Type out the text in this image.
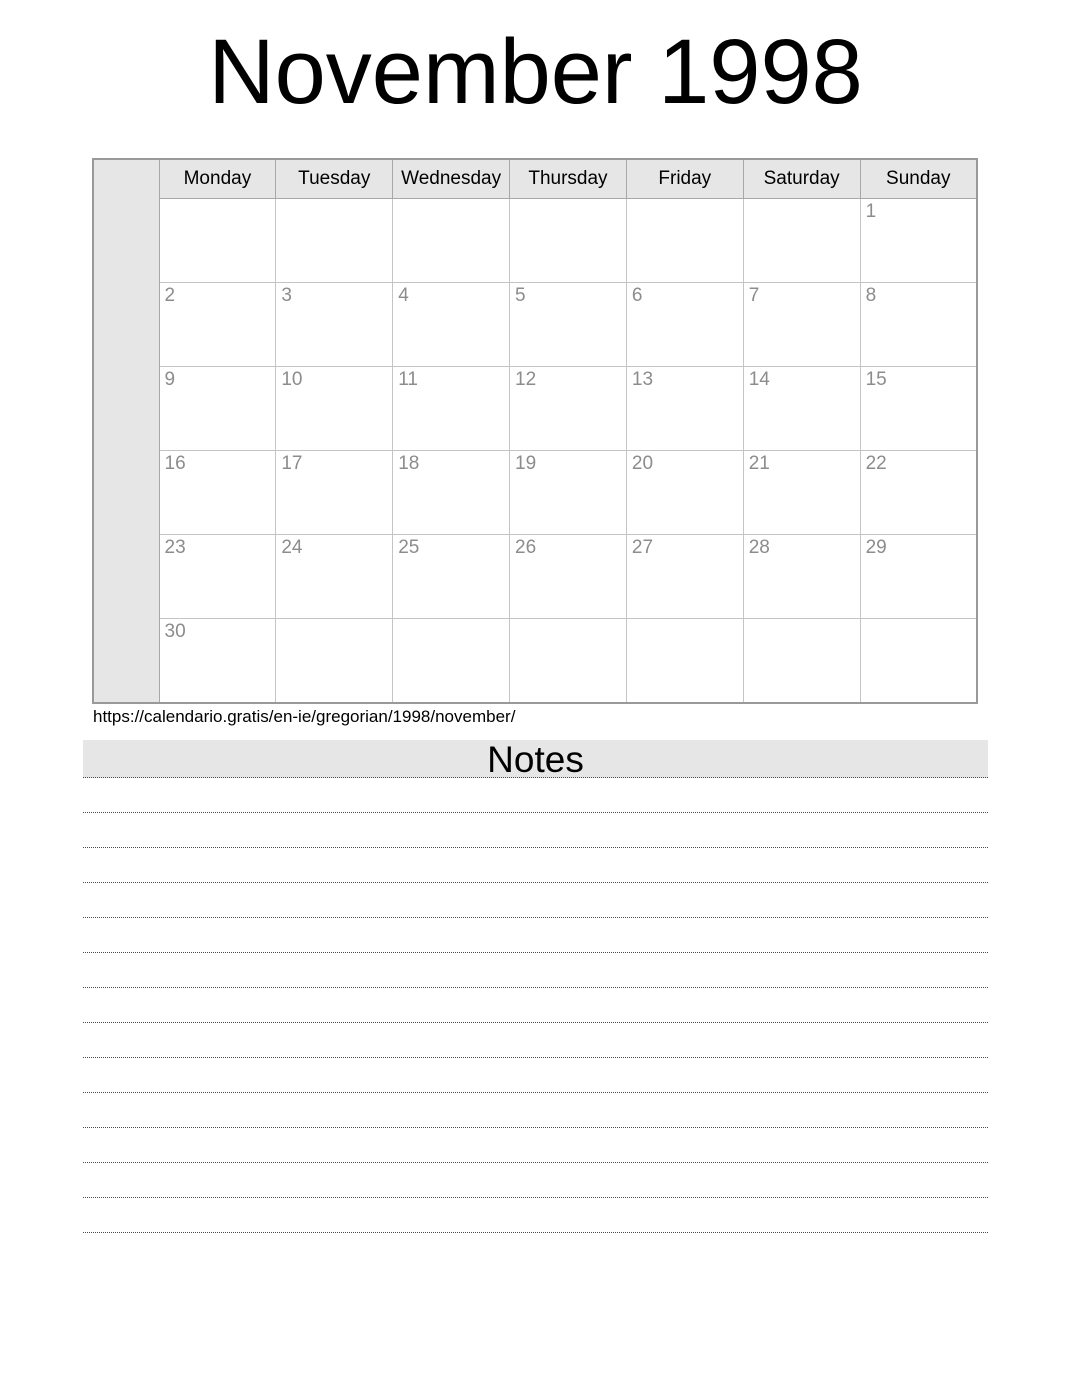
November 1998
	Monday	Tuesday	Wednesday	Thursday	Friday	Saturday	Sunday
							1
	2	3	4	5	6	7	8
	9	10	11	12	13	14	15
	16	17	18	19	20	21	22
	23	24	25	26	27	28	29
	30						
https://calendario.gratis/en-ie/gregorian/1998/november/
Notes
